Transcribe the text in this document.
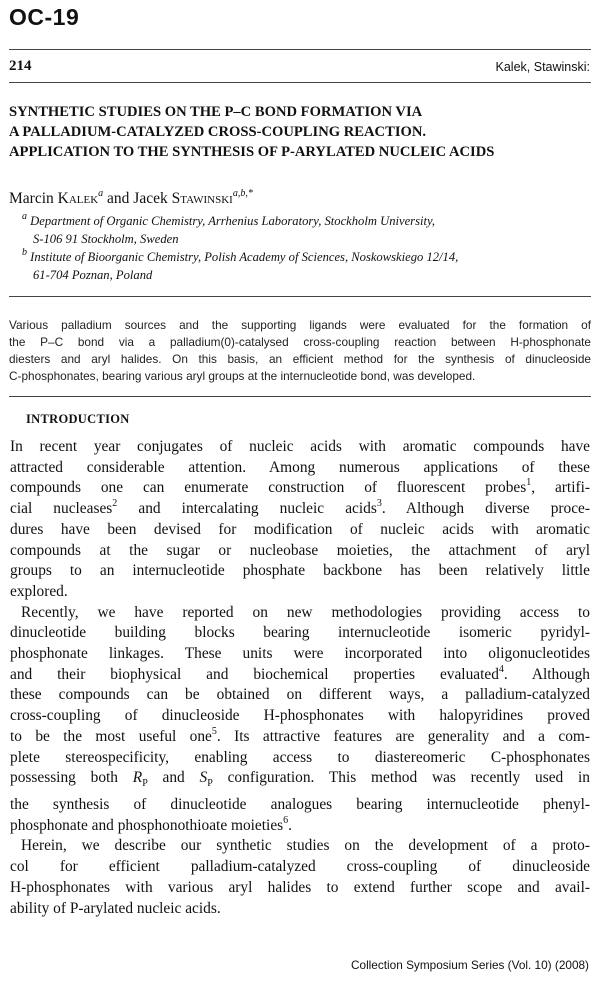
OC-19
214	Kalek, Stawinski:
SYNTHETIC STUDIES ON THE P–C BOND FORMATION VIA
A PALLADIUM-CATALYZED CROSS-COUPLING REACTION.
APPLICATION TO THE SYNTHESIS OF P-ARYLATED NUCLEIC ACIDS
Marcin Kalek$^a$ and Jacek Stawinski$^{a,b,*}$
$^a$ Department of Organic Chemistry, Arrhenius Laboratory, Stockholm University,
S-106 91 Stockholm, Sweden
$^b$ Institute of Bioorganic Chemistry, Polish Academy of Sciences, Noskowskiego 12/14,
61-704 Poznan, Poland
Various palladium sources and the supporting ligands were evaluated for the formation of
the P–C bond via a palladium(0)-catalysed cross-coupling reaction between H-phosphonate
diesters and aryl halides. On this basis, an efficient method for the synthesis of dinucleoside
C-phosphonates, bearing various aryl groups at the internucleotide bond, was developed.
INTRODUCTION
In recent year conjugates of nucleic acids with aromatic compounds have
attracted considerable attention. Among numerous applications of these
compounds one can enumerate construction of fluorescent probes$^1$, artifi-
cial nucleases$^2$ and intercalating nucleic acids$^3$. Although diverse proce-
dures have been devised for modification of nucleic acids with aromatic
compounds at the sugar or nucleobase moieties, the attachment of aryl
groups to an internucleotide phosphate backbone has been relatively little
explored.
Recently, we have reported on new methodologies providing access to
dinucleotide building blocks bearing internucleotide isomeric pyridyl-
phosphonate linkages. These units were incorporated into oligonucleotides
and their biophysical and biochemical properties evaluated$^4$. Although
these compounds can be obtained on different ways, a palladium-catalyzed
cross-coupling of dinucleoside H-phosphonates with halopyridines proved
to be the most useful one$^5$. Its attractive features are generality and a com-
plete stereospecificity, enabling access to diastereomeric C-phosphonates
possessing both $R_P$ and $S_P$ configuration. This method was recently used in
the synthesis of dinucleotide analogues bearing internucleotide phenyl-
phosphonate and phosphonothioate moieties$^6$.
Herein, we describe our synthetic studies on the development of a proto-
col for efficient palladium-catalyzed cross-coupling of dinucleoside
H-phosphonates with various aryl halides to extend further scope and avail-
ability of P-arylated nucleic acids.
Collection Symposium Series (Vol. 10) (2008)
